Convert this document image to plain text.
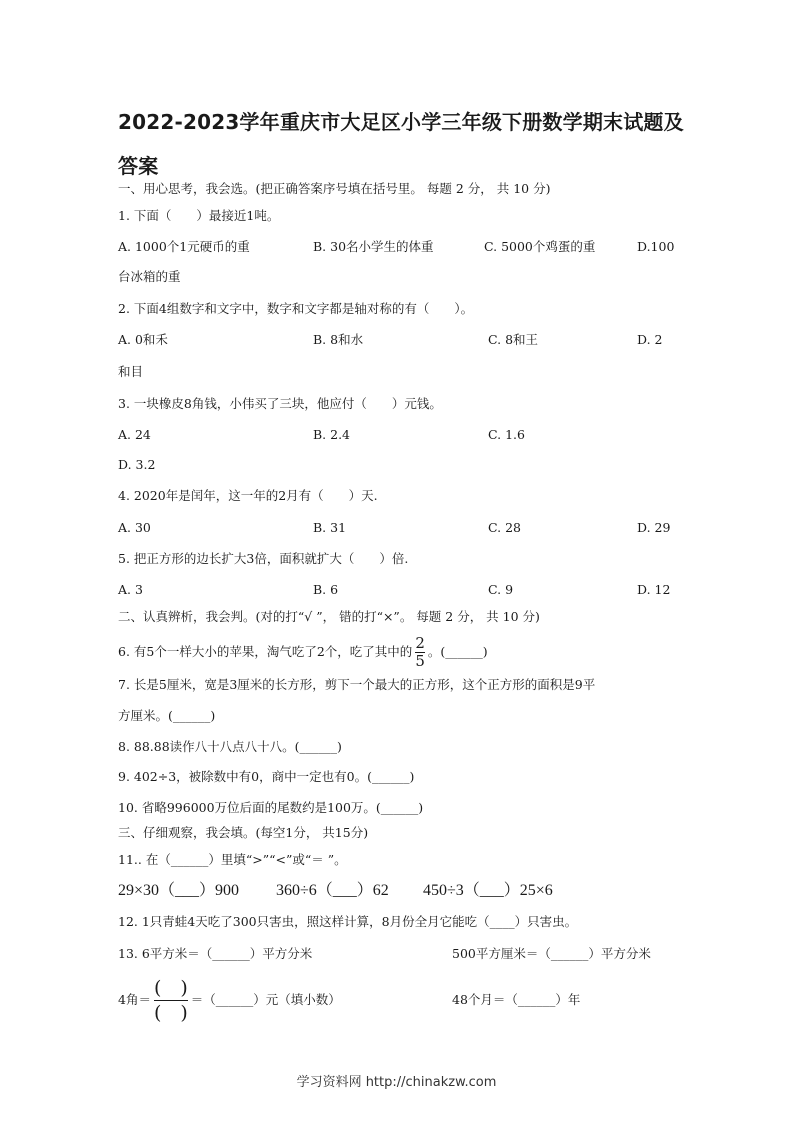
2022-2023学年重庆市大足区小学三年级下册数学期末试题及答案
一、用心思考，我会选。(把正确答案序号填在括号里。 每题 2 分， 共 10 分)
1. 下面（　　）最接近1吨。
A. 1000个1元硬币的重	B. 30名小学生的体重	C. 5000个鸡蛋的重	D.100
台冰箱的重
2. 下面4组数字和文字中，数字和文字都是轴对称的有（　　）。
A. 0和禾	B. 8和水	C. 8和王	D. 2
和目
3. 一块橡皮8角钱，小伟买了三块，他应付（　　）元钱。
A. 24	B. 2.4	C. 1.6
D. 3.2
4. 2020年是闰年，这一年的2月有（　　）天.
A. 30	B. 31	C. 28	D. 29
5. 把正方形的边长扩大3倍，面积就扩大（　　）倍.
A. 3	B. 6	C. 9	D. 12
二、认真辨析，我会判。(对的打“√ ”， 错的打“×”。 每题 2 分， 共 10 分)
6. 有5个一样大小的苹果，淘气吃了2个，吃了其中的 $\frac{2}{5}$ 。(______)
7. 长是5厘米，宽是3厘米的长方形，剪下一个最大的正方形，这个正方形的面积是9平
方厘米。(______)
8. 88.88读作八十八点八十八。(______)
9. 402÷3，被除数中有0，商中一定也有0。(______)
10. 省略996000万位后面的尾数约是100万。(______)
三、仔细观察，我会填。(每空1分， 共15分)
11.. 在（______）里填“>”“<”或“＝ ”。
29×30（___）900 360÷6（___）62 450÷3（___）25×6
12. 1只青蛙4天吃了300只害虫，照这样计算，8月份全月它能吃（____）只害虫。
13. 6平方米＝（______）平方分米	500平方厘米＝（______）平方分米
4角＝ $\frac{( )}{( )}$ ＝（______）元（填小数）	48个月＝（______）年
学习资料网 http://chinakzw.com
